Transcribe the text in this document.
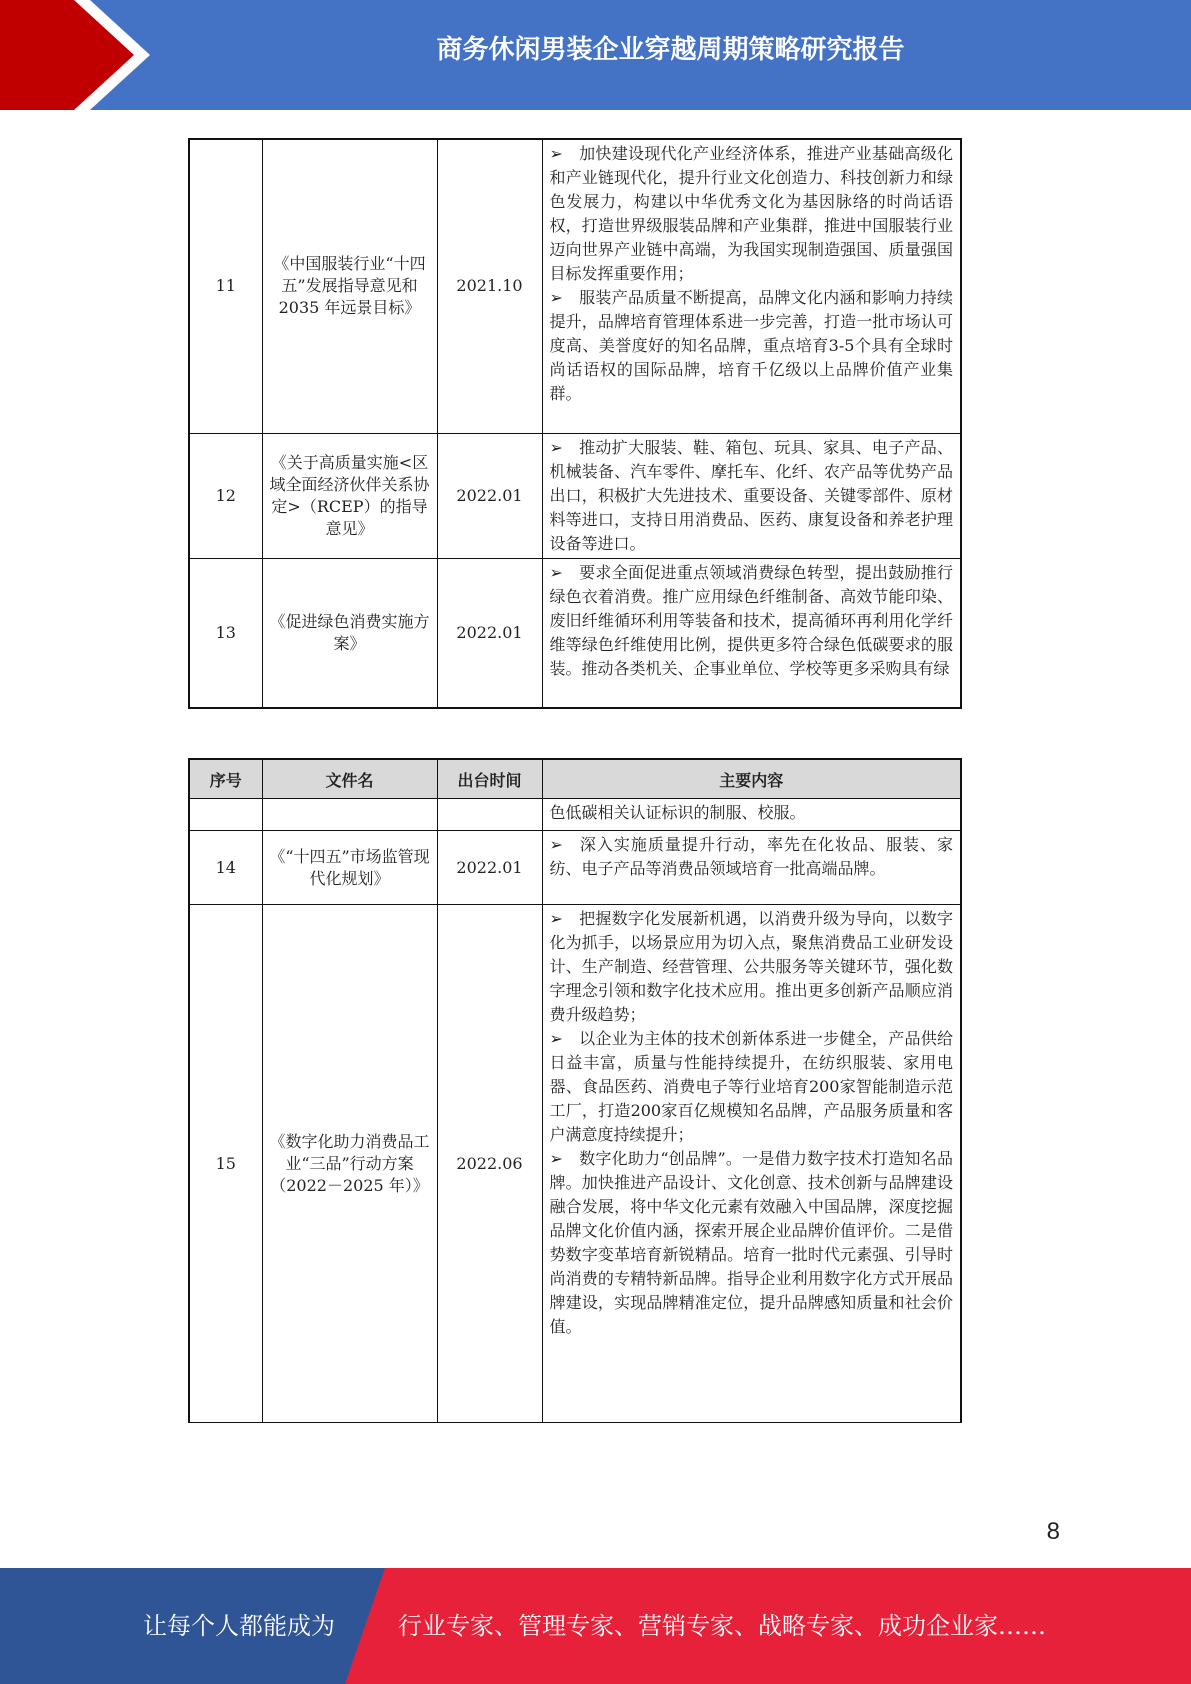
商务休闲男装企业穿越周期策略研究报告
11	《中国服装行业“十四五”发展指导意见和 2035 年远景目标》	2021.10	➢ 加快建设现代化产业经济体系，推进产业基础高级化和产业链现代化，提升行业文化创造力、科技创新力和绿色发展力，构建以中华优秀文化为基因脉络的时尚话语权，打造世界级服装品牌和产业集群，推进中国服装行业迈向世界产业链中高端，为我国实现制造强国、质量强国目标发挥重要作用；
➢ 服装产品质量不断提高，品牌文化内涵和影响力持续提升，品牌培育管理体系进一步完善，打造一批市场认可度高、美誉度好的知名品牌，重点培育3-5个具有全球时尚话语权的国际品牌，培育千亿级以上品牌价值产业集群。

12	《关于高质量实施<区域全面经济伙伴关系协定>（RCEP）的指导意见》	2022.01	➢ 推动扩大服装、鞋、箱包、玩具、家具、电子产品、机械装备、汽车零件、摩托车、化纤、农产品等优势产品出口，积极扩大先进技术、重要设备、关键零部件、原材料等进口，支持日用消费品、医药、康复设备和养老护理设备等进口。

13	《促进绿色消费实施方案》	2022.01	➢ 要求全面促进重点领域消费绿色转型，提出鼓励推行绿色衣着消费。推广应用绿色纤维制备、高效节能印染、废旧纤维循环利用等装备和技术，提高循环再利用化学纤维等绿色纤维使用比例，提供更多符合绿色低碳要求的服装。推动各类机关、企事业单位、学校等更多采购具有绿
序号	文件名	出台时间	主要内容
			色低碳相关认证标识的制服、校服。
14	《“十四五”市场监管现代化规划》	2022.01	➢ 深入实施质量提升行动，率先在化妆品、服装、家纺、电子产品等消费品领域培育一批高端品牌。

15	《数字化助力消费品工业“三品”行动方案（2022－2025 年）》	2022.06	➢ 把握数字化发展新机遇，以消费升级为导向，以数字化为抓手，以场景应用为切入点，聚焦消费品工业研发设计、生产制造、经营管理、公共服务等关键环节，强化数字理念引领和数字化技术应用。推出更多创新产品顺应消费升级趋势；
➢ 以企业为主体的技术创新体系进一步健全，产品供给日益丰富，质量与性能持续提升，在纺织服装、家用电器、食品医药、消费电子等行业培育200家智能制造示范工厂，打造200家百亿规模知名品牌，产品服务质量和客户满意度持续提升；
➢ 数字化助力“创品牌”。一是借力数字技术打造知名品牌。加快推进产品设计、文化创意、技术创新与品牌建设融合发展，将中华文化元素有效融入中国品牌，深度挖掘品牌文化价值内涵，探索开展企业品牌价值评价。二是借势数字变革培育新锐精品。培育一批时代元素强、引导时尚消费的专精特新品牌。指导企业利用数字化方式开展品牌建设，实现品牌精准定位，提升品牌感知质量和社会价值。
8
让每个人都能成为	行业专家、管理专家、营销专家、战略专家、成功企业家……
